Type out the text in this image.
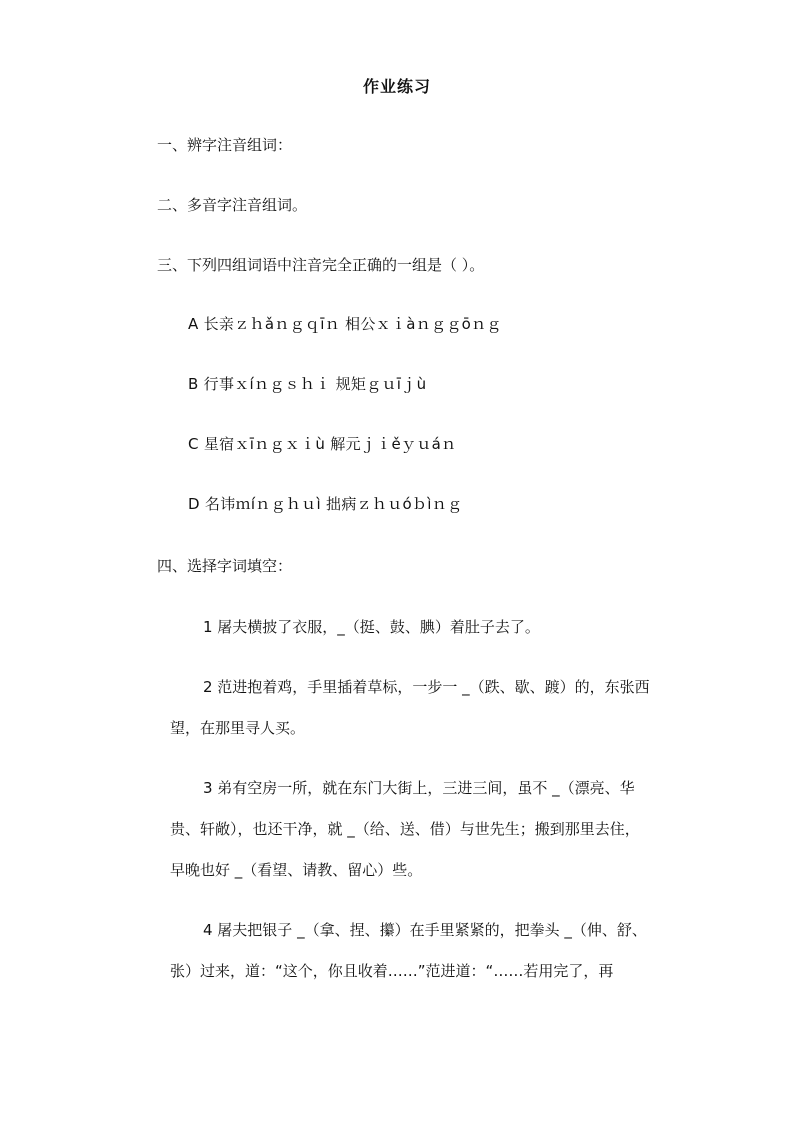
作业练习
一、辨字注音组词：
二、多音字注音组词。
三、下列四组词语中注音完全正确的一组是（ ）。
A 长亲ｚｈǎｎｇｑīｎ 相公ｘｉàｎｇｇōｎｇ
B 行事ｘíｎｇｓｈｉ 规矩ｇｕīｊù
C 星宿ｘīｎｇｘｉù 解元ｊｉěｙｕáｎ
D 名讳ｍíｎｇｈｕì 拙病ｚｈｕóｂìｎｇ
四、选择字词填空：
1 屠夫横披了衣服，_（挺、鼓、腆）着肚子去了。
2 范进抱着鸡，手里插着草标，一步一 _（跌、歇、踱）的，东张西
望，在那里寻人买。
3 弟有空房一所，就在东门大街上，三进三间，虽不 _（漂亮、华
贵、轩敞），也还干净，就 _（给、送、借）与世先生；搬到那里去住，
早晚也好 _（看望、请教、留心）些。
4 屠夫把银子 _（拿、捏、攥）在手里紧紧的，把拳头 _（伸、舒、
张）过来，道：“这个，你且收着……”范进道：“……若用完了，再
